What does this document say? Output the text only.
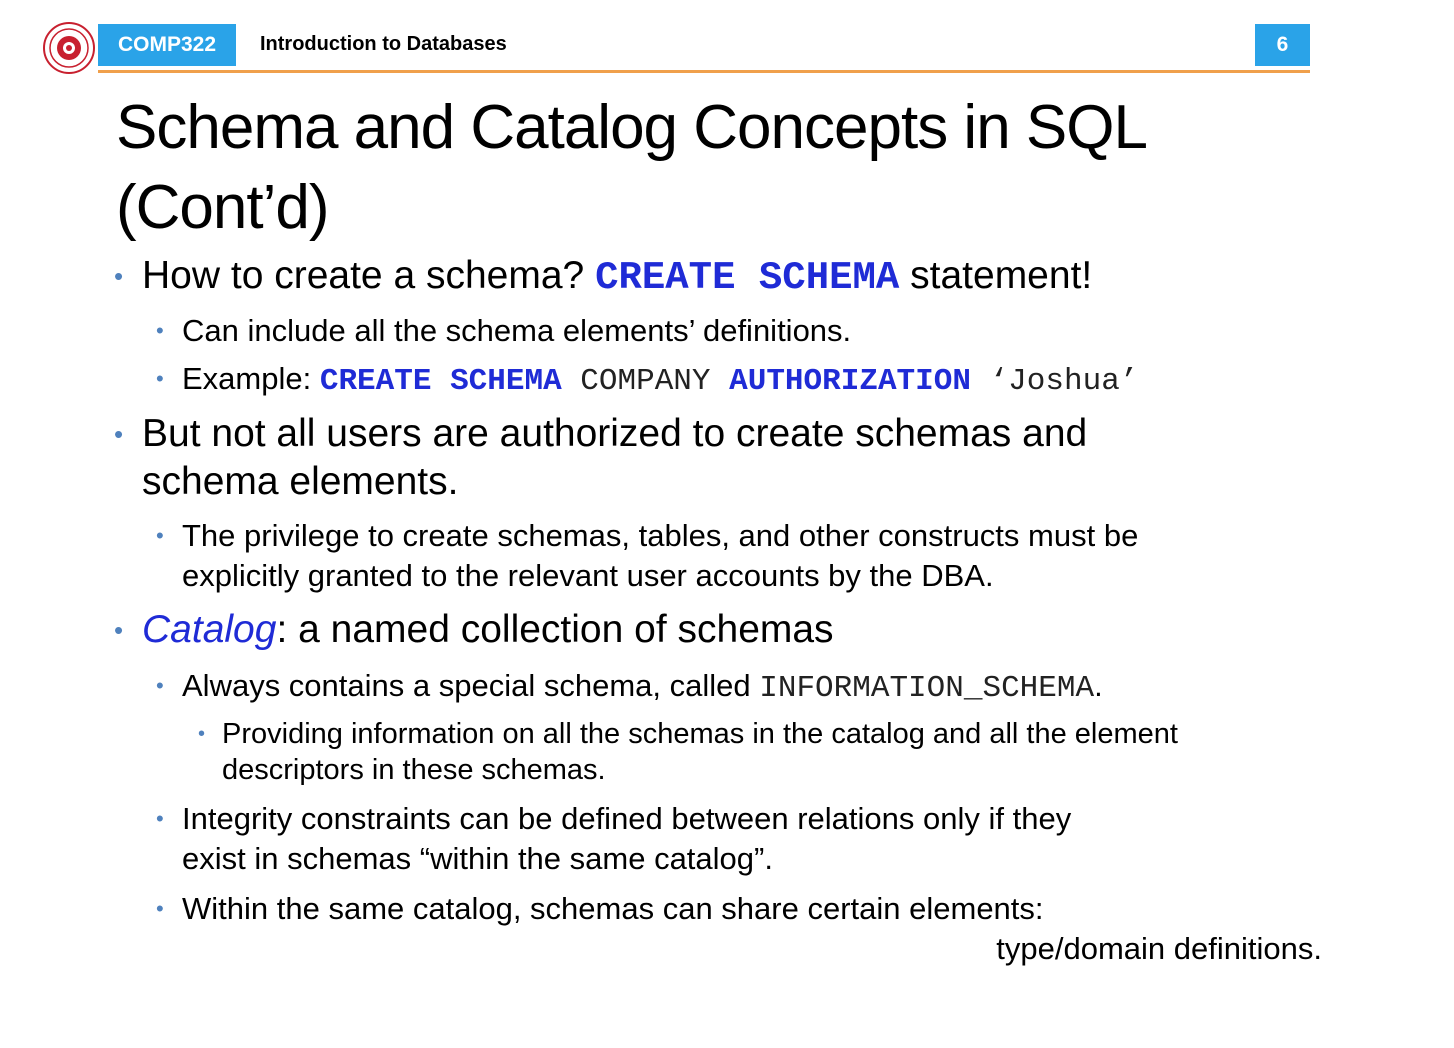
COMP322	Introduction to Databases	6
Schema and Catalog Concepts in SQL
(Cont’d)
• How to create a schema? CREATE SCHEMA statement!
• Can include all the schema elements’ definitions.
• Example: CREATE SCHEMA COMPANY AUTHORIZATION ‘Joshua’
• But not all users are authorized to create schemas and
schema elements.
• The privilege to create schemas, tables, and other constructs must be
explicitly granted to the relevant user accounts by the DBA.
• Catalog: a named collection of schemas
• Always contains a special schema, called INFORMATION_SCHEMA.
• Providing information on all the schemas in the catalog and all the element
descriptors in these schemas.
• Integrity constraints can be defined between relations only if they
exist in schemas “within the same catalog”.
• Within the same catalog, schemas can share certain elements:
type/domain definitions.
